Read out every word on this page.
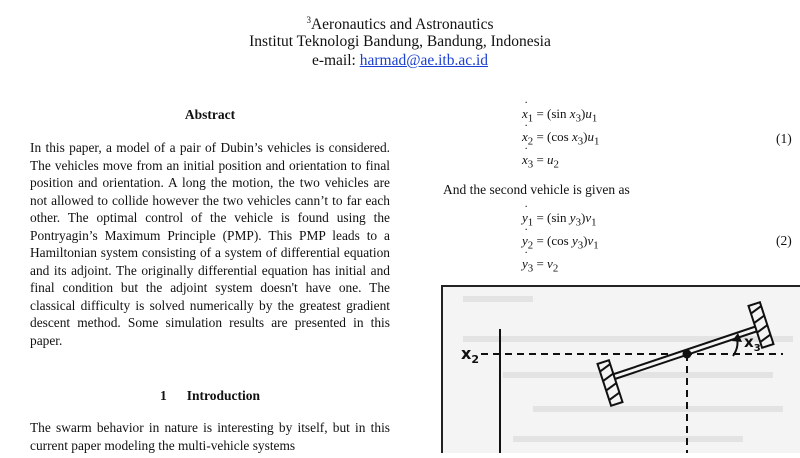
$^3$Aeronautics and Astronautics
Institut Teknologi Bandung, Bandung, Indonesia
e-mail: harmad@ae.itb.ac.id
Abstract
In this paper, a model of a pair of Dubin’s vehicles is considered. The vehicles move from an initial position and orientation to final position and orientation. A long the motion, the two vehicles are not allowed to collide however the two vehicles cann’t to far each other. The optimal control of the vehicle is found using the Pontryagin’s Maximum Principle (PMP). This PMP leads to a Hamiltonian system consisting of a system of differential equation and its adjoint. The originally differential equation has initial and final condition but the adjoint system doesn't have one. The classical difficulty is solved numerically by the greatest gradient descent method. Some simulation results are presented in this paper.
1 Introduction
The swarm behavior in nature is interesting by itself, but in this current paper modeling the multi-vehicle systems
˙ $x_1 = (\sin$ $x_3)u_1$
˙ $x_2 = (\cos$ $x_3)u_1$
˙ $x_3 = u_2$
(1)
And the second vehicle is given as
˙ $y_1 = (\sin$ $y_3)v_1$
˙ $y_2 = (\cos$ $y_3)v_1$
˙ $y_3 = v_2$
(2)
$x_2$
$x_3$
